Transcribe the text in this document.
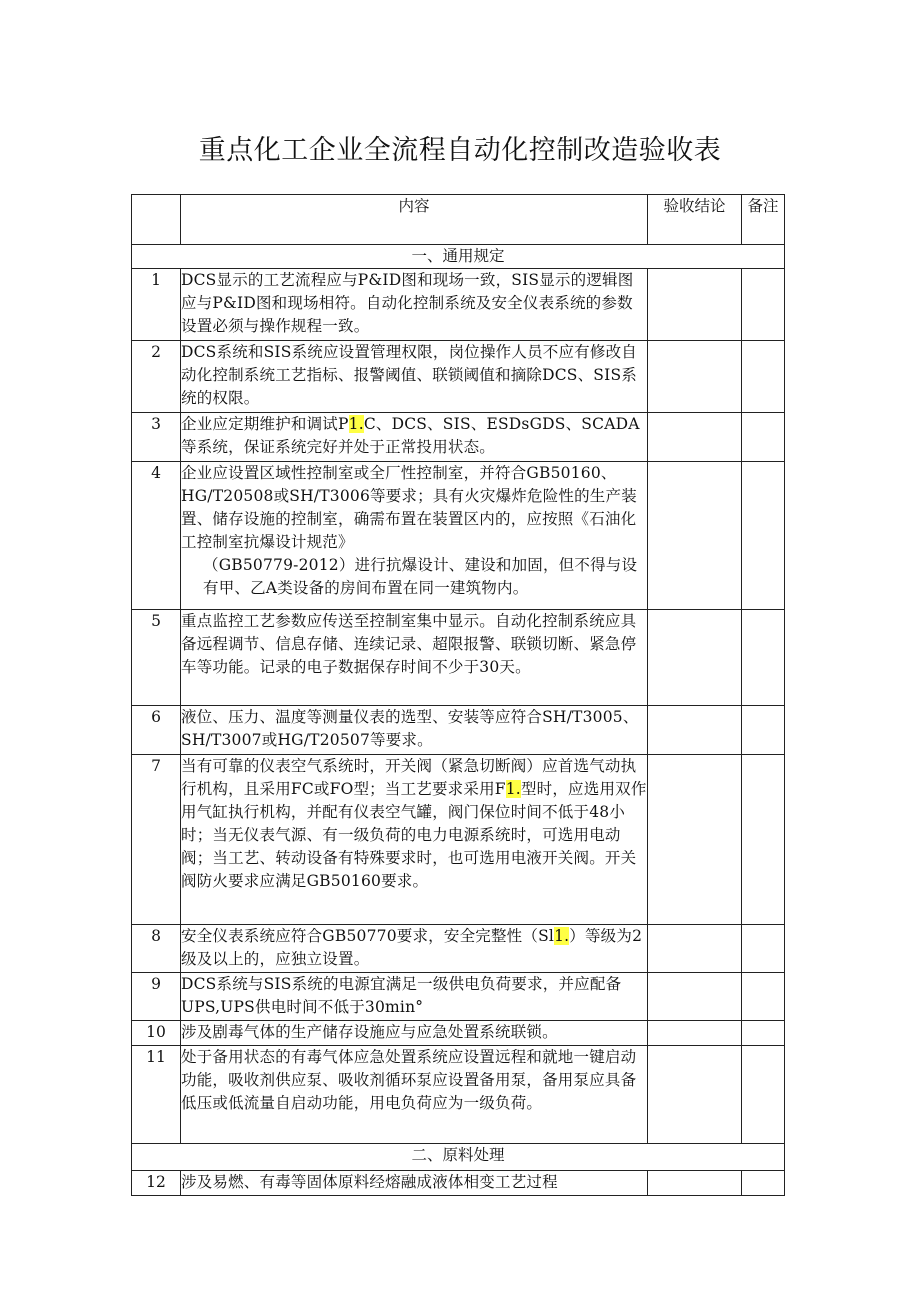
重点化工企业全流程自动化控制改造验收表
	内容	验收结论	备注
一、通用规定			
1	DCS显示的工艺流程应与P&ID图和现场一致，SIS显示的逻辑图应与P&ID图和现场相符。自动化控制系统及安全仪表系统的参数设置必须与操作规程一致。		
2	DCS系统和SIS系统应设置管理权限，岗位操作人员不应有修改自动化控制系统工艺指标、报警阈值、联锁阈值和摘除DCS、SIS系统的权限。		
3	企业应定期维护和调试P1.C、DCS、SIS、ESDsGDS、SCADA等系统，保证系统完好并处于正常投用状态。		
4	企业应设置区域性控制室或全厂性控制室，并符合GB50160、HG/T20508或SH/T3006等要求；具有火灾爆炸危险性的生产装置、储存设施的控制室，确需布置在装置区内的，应按照《石油化工控制室抗爆设计规范》
（GB50779-2012）进行抗爆设计、建设和加固，但不得与设有甲、乙A类设备的房间布置在同一建筑物内。		

5	重点监控工艺参数应传送至控制室集中显示。自动化控制系统应具备远程调节、信息存储、连续记录、超限报警、联锁切断、紧急停车等功能。记录的电子数据保存时间不少于30天。		
6	液位、压力、温度等测量仪表的选型、安装等应符合SH/T3005、SH/T3007或HG/T20507等要求。		
7	当有可靠的仪表空气系统时，开关阀（紧急切断阀）应首选气动执行机构，且采用FC或FO型；当工艺要求采用F1.型时，应选用双作用气缸执行机构，并配有仪表空气罐，阀门保位时间不低于48小时；当无仪表气源、有一级负荷的电力电源系统时，可选用电动阀；当工艺、转动设备有特殊要求时，也可选用电液开关阀。开关阀防火要求应满足GB50160要求。		
8	安全仪表系统应符合GB50770要求，安全完整性（Sl1.）等级为2级及以上的，应独立设置。		
9	DCS系统与SIS系统的电源宜满足一级供电负荷要求，并应配备UPS,UPS供电时间不低于30min°		
10	涉及剧毒气体的生产储存设施应与应急处置系统联锁。		
11	处于备用状态的有毒气体应急处置系统应设置远程和就地一键启动功能，吸收剂供应泵、吸收剂循环泵应设置备用泵，备用泵应具备低压或低流量自启动功能，用电负荷应为一级负荷。		
二、原料处理			
12	涉及易燃、有毒等固体原料经熔融成液体相变工艺过程		
